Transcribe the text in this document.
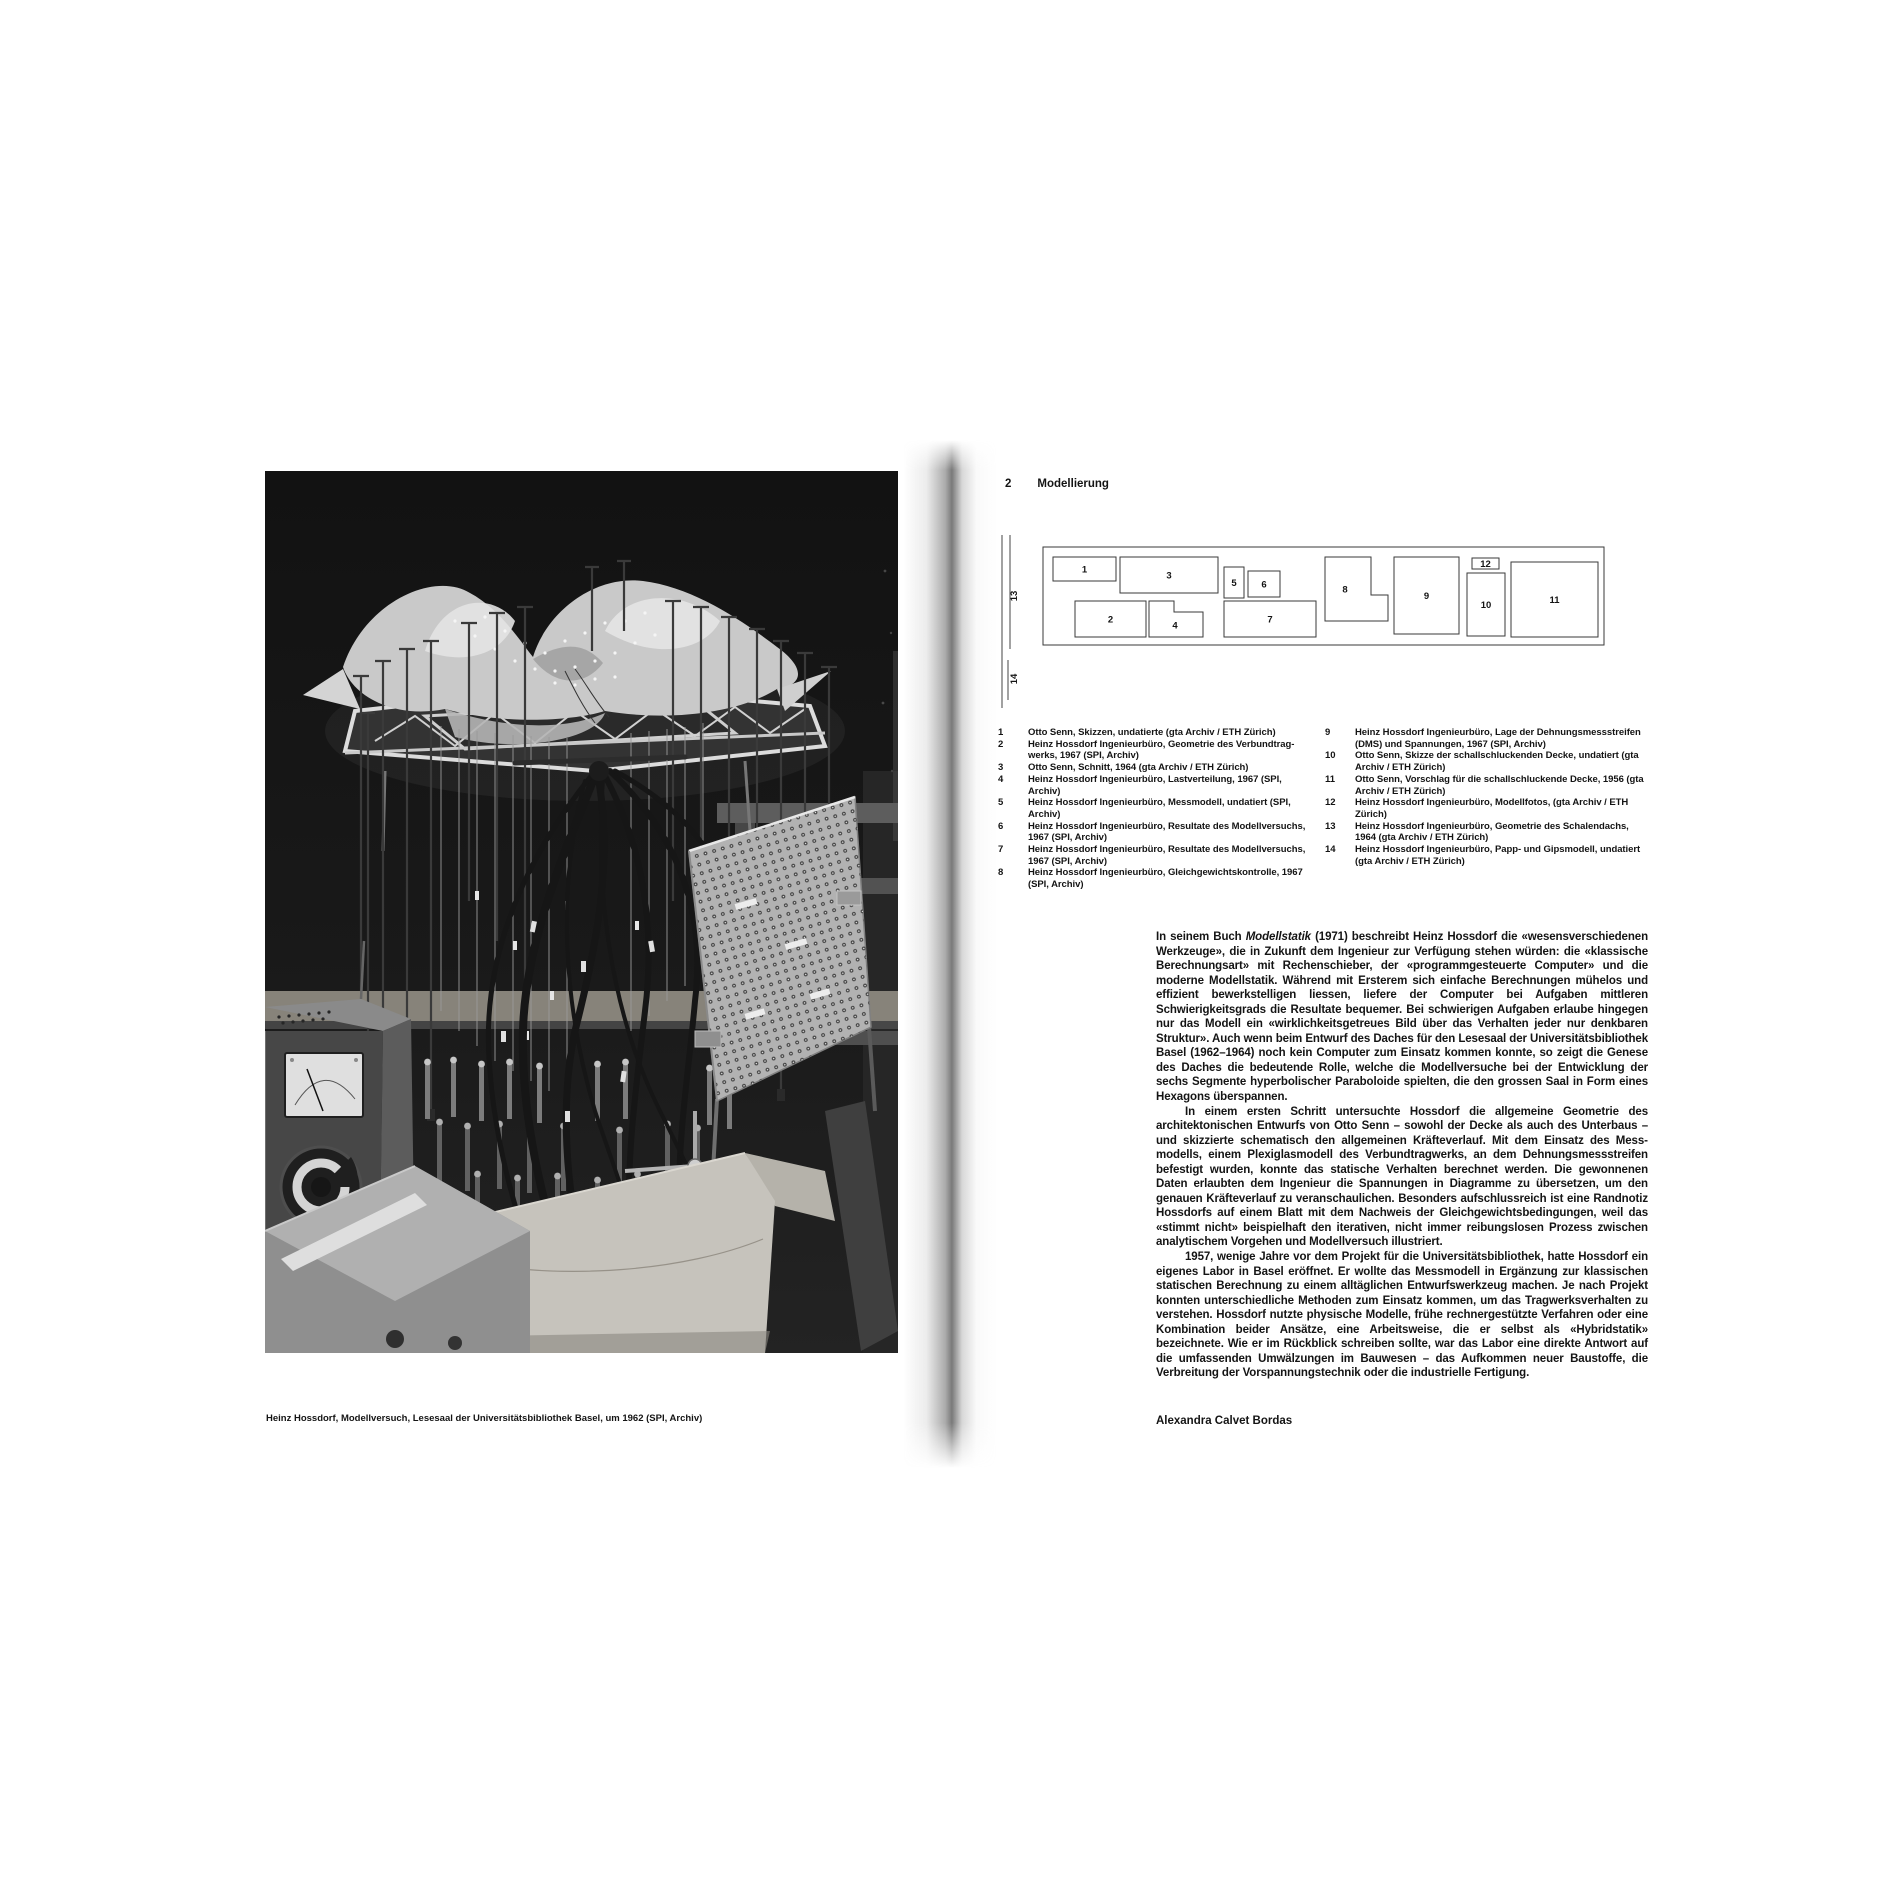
Heinz Hossdorf, Modellversuch, Lesesaal der Universitätsbibliothek Basel, um 1962 (SPI, Archiv)

2 Modellierung
13
14
1
3
5	6
2
4
7
8
9
12
10	11
1	Otto Senn, Skizzen, undatierte (gta Archiv / ETH Zürich)
2	Heinz Hossdorf Ingenieurbüro, Geometrie des Verbundtragwerks, 1967 (SPI, Archiv)
3	Otto Senn, Schnitt, 1964 (gta Archiv / ETH Zürich)
4	Heinz Hossdorf Ingenieurbüro, Lastverteilung, 1967 (SPI, Archiv)
5	Heinz Hossdorf Ingenieurbüro, Messmodell, undatiert (SPI, Archiv)
6	Heinz Hossdorf Ingenieurbüro, Resultate des Modellversuchs, 1967 (SPI, Archiv)
7	Heinz Hossdorf Ingenieurbüro, Resultate des Modellversuchs, 1967 (SPI, Archiv)
8	Heinz Hossdorf Ingenieurbüro, Gleichgewichtskontrolle, 1967 (SPI, Archiv)
9	Heinz Hossdorf Ingenieurbüro, Lage der Dehnungsmessstreifen (DMS) und Spannungen, 1967 (SPI, Archiv)
10	Otto Senn, Skizze der schallschluckenden Decke, undatiert (gta Archiv / ETH Zürich)
11	Otto Senn, Vorschlag für die schallschluckende Decke, 1956 (gta Archiv / ETH Zürich)
12	Heinz Hossdorf Ingenieurbüro, Modellfotos, (gta Archiv / ETH Zürich)
13	Heinz Hossdorf Ingenieurbüro, Geometrie des Schalendachs, 1964 (gta Archiv / ETH Zürich)
14	Heinz Hossdorf Ingenieurbüro, Papp- und Gipsmodell, undatiert (gta Archiv / ETH Zürich)

In seinem Buch Modellstatik (1971) beschreibt Heinz Hossdorf die «wesensverschiedenen Werkzeuge», die in Zukunft dem Ingenieur zur Verfügung stehen würden: die «klassische Berechnungsart» mit Rechenschieber, der «programmgesteuerte Computer» und die moderne Modellstatik. Während mit Ersterem sich einfache Berechnungen mühelos und effizient bewerkstelligen liessen, liefere der Computer bei Aufgaben mittleren Schwierigkeitsgrads die Resultate bequemer. Bei schwierigen Aufgaben erlaube hingegen nur das Modell ein «wirklichkeitsgetreues Bild über das Verhalten jeder nur denkbaren Struktur». Auch wenn beim Entwurf des Daches für den Lesesaal der Universitätsbibliothek Basel (1962–1964) noch kein Computer zum Einsatz kommen konnte, so zeigt die Genese des Daches die bedeutende Rolle, welche die Modellversuche bei der Entwicklung der sechs Segmente hyperbolischer Paraboloide spielten, die den grossen Saal in Form eines Hexagons überspannen.

In einem ersten Schritt untersuchte Hossdorf die allgemeine Geometrie des architektonischen Entwurfs von Otto Senn – sowohl der Decke als auch des Unterbaus – und skizzierte schematisch den allgemeinen Kräfteverlauf. Mit dem Einsatz des Messmodells, einem Plexiglasmodell des Verbundtragwerks, an dem Dehnungsmessstreifen befestigt wurden, konnte das statische Verhalten berechnet werden. Die gewonnenen Daten erlaubten dem Ingenieur die Spannungen in Diagramme zu übersetzen, um den genauen Kräfteverlauf zu veranschaulichen. Besonders aufschlussreich ist eine Randnotiz Hossdorfs auf einem Blatt mit dem Nachweis der Gleichgewichtsbedingungen, weil das «stimmt nicht» beispielhaft den iterativen, nicht immer reibungslosen Prozess zwischen analytischem Vorgehen und Modellversuch illustriert.

1957, wenige Jahre vor dem Projekt für die Universitätsbibliothek, hatte Hossdorf ein eigenes Labor in Basel eröffnet. Er wollte das Messmodell in Ergänzung zur klassischen statischen Berechnung zu einem alltäglichen Entwurfswerkzeug machen. Je nach Projekt konnten unterschiedliche Methoden zum Einsatz kommen, um das Tragwerksverhalten zu verstehen. Hossdorf nutzte physische Modelle, frühe rechnergestützte Verfahren oder eine Kombination beider Ansätze, eine Arbeitsweise, die er selbst als «Hybridstatik» bezeichnete. Wie er im Rückblick schreiben sollte, war das Labor eine direkte Antwort auf die umfassenden Umwälzungen im Bauwesen – das Aufkommen neuer Baustoffe, die Verbreitung der Vorspannungstechnik oder die industrielle Fertigung.

Alexandra Calvet Bordas
